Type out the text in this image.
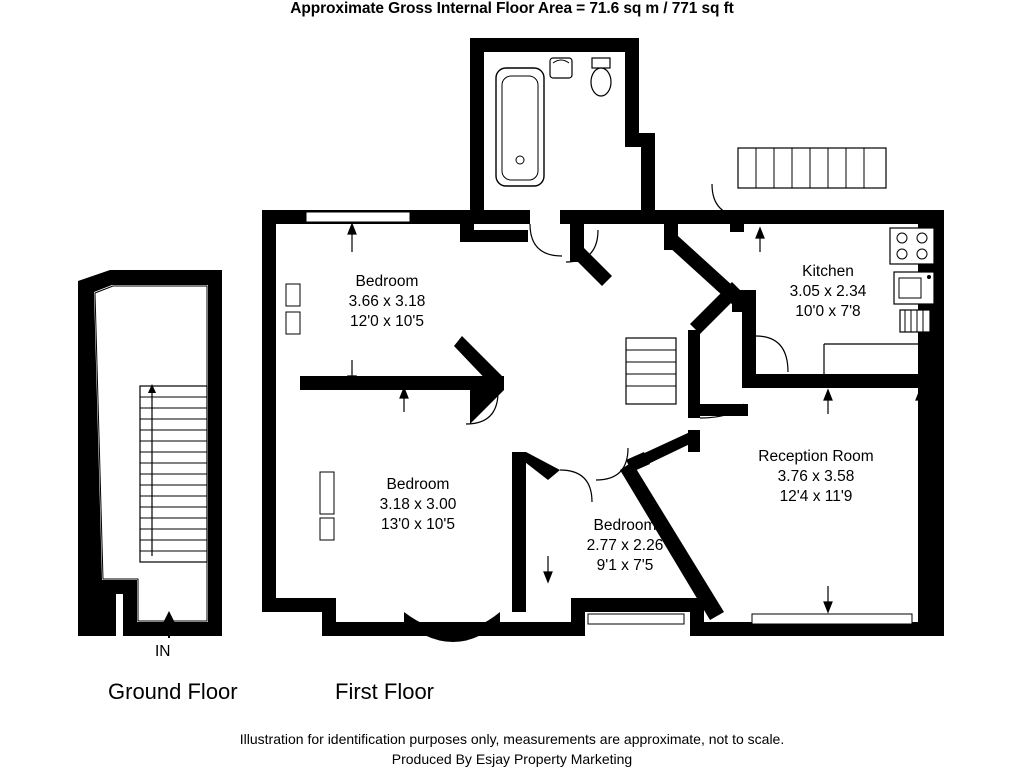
Approximate Gross Internal Floor Area = 71.6 sq m / 771 sq ft
Bedroom
3.66 x 3.18
12'0 x 10'5
Bedroom
3.18 x 3.00
13'0 x 10'5	Bedroom
2.77 x 2.26
9'1 x 7'5
Kitchen
3.05 x 2.34
10'0 x 7'8
Reception Room
3.76 x 3.58
12'4 x 11'9
IN
Ground Floor	First Floor
Illustration for identification purposes only, measurements are approximate, not to scale.
Produced By Esjay Property Marketing
